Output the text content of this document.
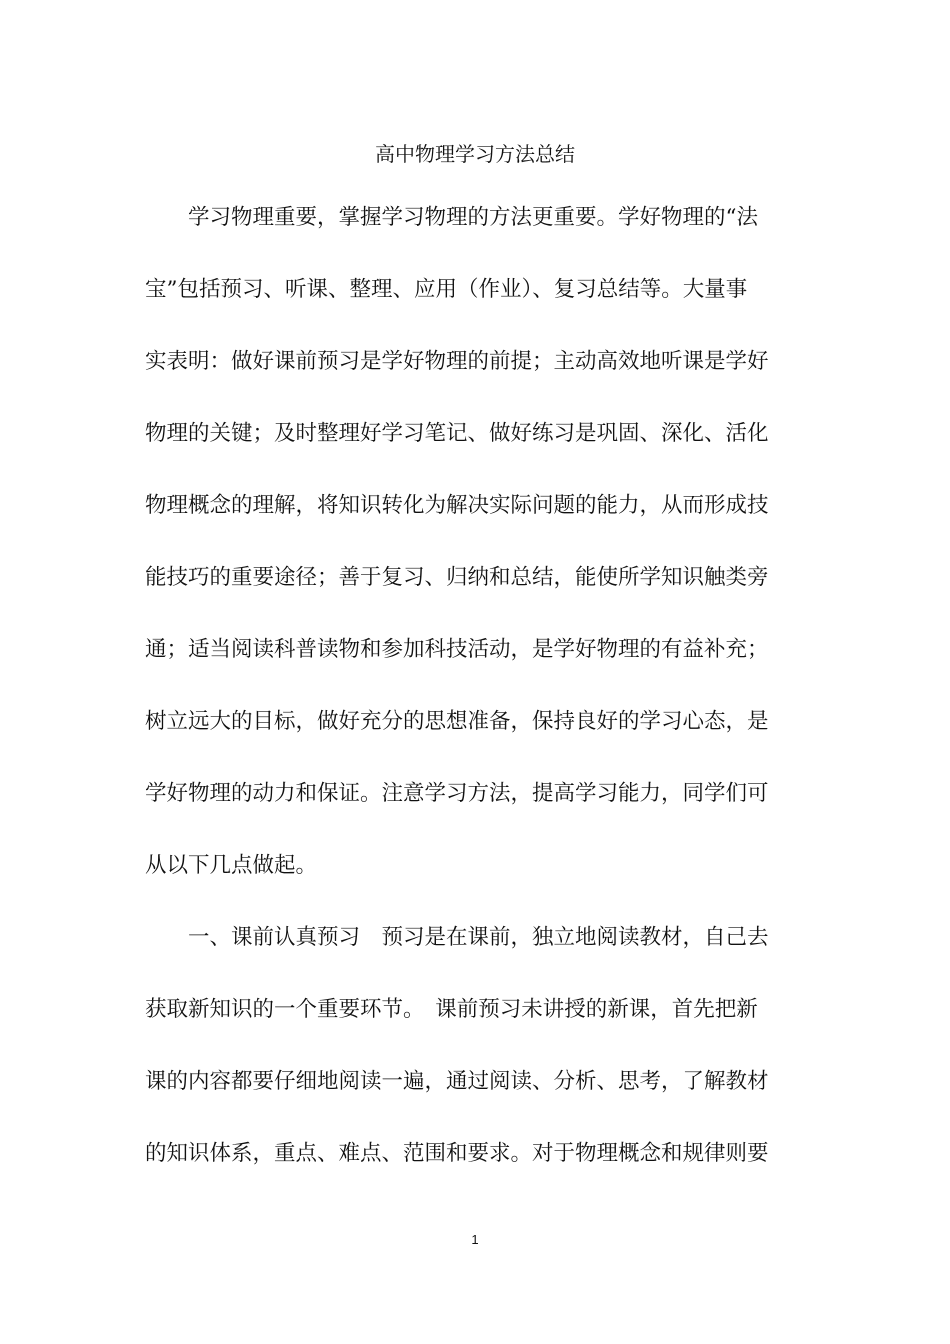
高中物理学习方法总结

　　学习物理重要，掌握学习物理的方法更重要。学好物理的“法

宝”包括预习、听课、整理、应用（作业）、复习总结等。大量事

实表明：做好课前预习是学好物理的前提；主动高效地听课是学好

物理的关键；及时整理好学习笔记、做好练习是巩固、深化、活化

物理概念的理解，将知识转化为解决实际问题的能力，从而形成技

能技巧的重要途径；善于复习、归纳和总结，能使所学知识触类旁

通；适当阅读科普读物和参加科技活动，是学好物理的有益补充；

树立远大的目标，做好充分的思想准备，保持良好的学习心态，是

学好物理的动力和保证。注意学习方法，提高学习能力，同学们可

从以下几点做起。

　　一、课前认真预习　预习是在课前，独立地阅读教材，自己去

获取新知识的一个重要环节。　课前预习未讲授的新课，首先把新

课的内容都要仔细地阅读一遍，通过阅读、分析、思考，了解教材

的知识体系，重点、难点、范围和要求。对于物理概念和规律则要

1
